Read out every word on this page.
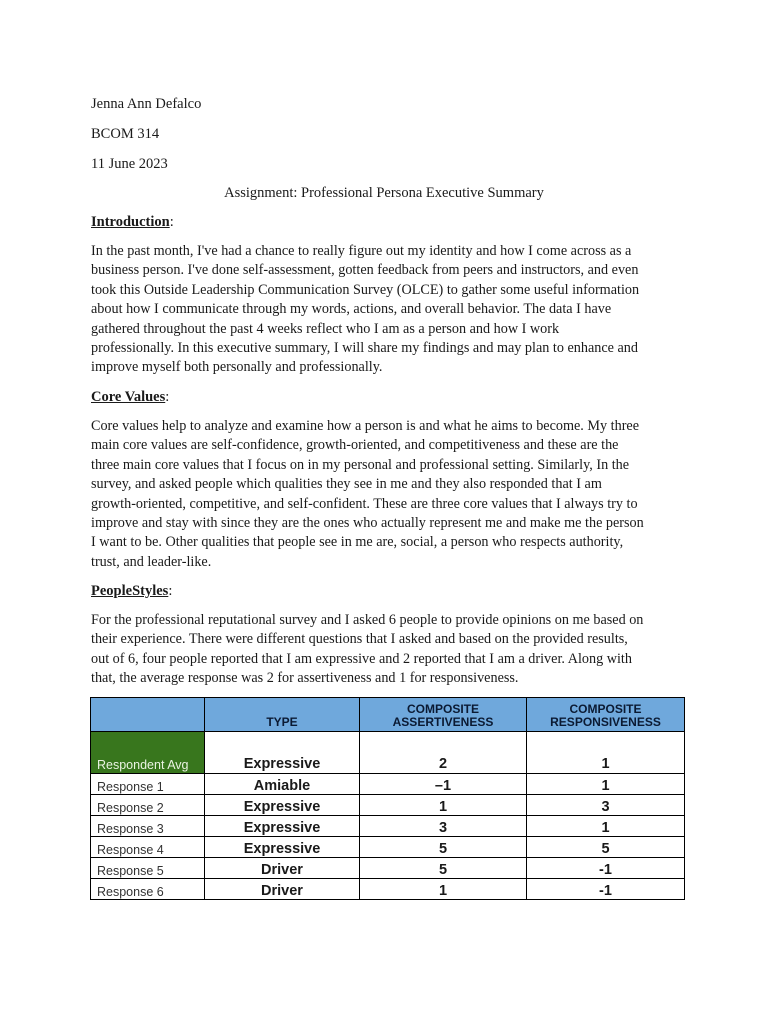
Jenna Ann Defalco
BCOM 314
11 June 2023
Assignment: Professional Persona Executive Summary
Introduction:
In the past month, I've had a chance to really figure out my identity and how I come across as a
business person. I've done self-assessment, gotten feedback from peers and instructors, and even
took this Outside Leadership Communication Survey (OLCE) to gather some useful information
about how I communicate through my words, actions, and overall behavior. The data I have
gathered throughout the past 4 weeks reflect who I am as a person and how I work
professionally. In this executive summary, I will share my findings and may plan to enhance and
improve myself both personally and professionally.
Core Values:
Core values help to analyze and examine how a person is and what he aims to become. My three
main core values are self-confidence, growth-oriented, and competitiveness and these are the
three main core values that I focus on in my personal and professional setting. Similarly, In the
survey, and asked people which qualities they see in me and they also responded that I am
growth-oriented, competitive, and self-confident. These are three core values that I always try to
improve and stay with since they are the ones who actually represent me and make me the person
I want to be. Other qualities that people see in me are, social, a person who respects authority,
trust, and leader-like.
PeopleStyles:
For the professional reputational survey and I asked 6 people to provide opinions on me based on
their experience. There were different questions that I asked and based on the provided results,
out of 6, four people reported that I am expressive and 2 reported that I am a driver. Along with
that, the average response was 2 for assertiveness and 1 for responsiveness.
	TYPE	COMPOSITE ASSERTIVENESS	COMPOSITE RESPONSIVENESS
Respondent Avg	Expressive	2	1
Response 1	Amiable	–1	1
Response 2	Expressive	1	3
Response 3	Expressive	3	1
Response 4	Expressive	5	5
Response 5	Driver	5	-1
Response 6	Driver	1	-1
